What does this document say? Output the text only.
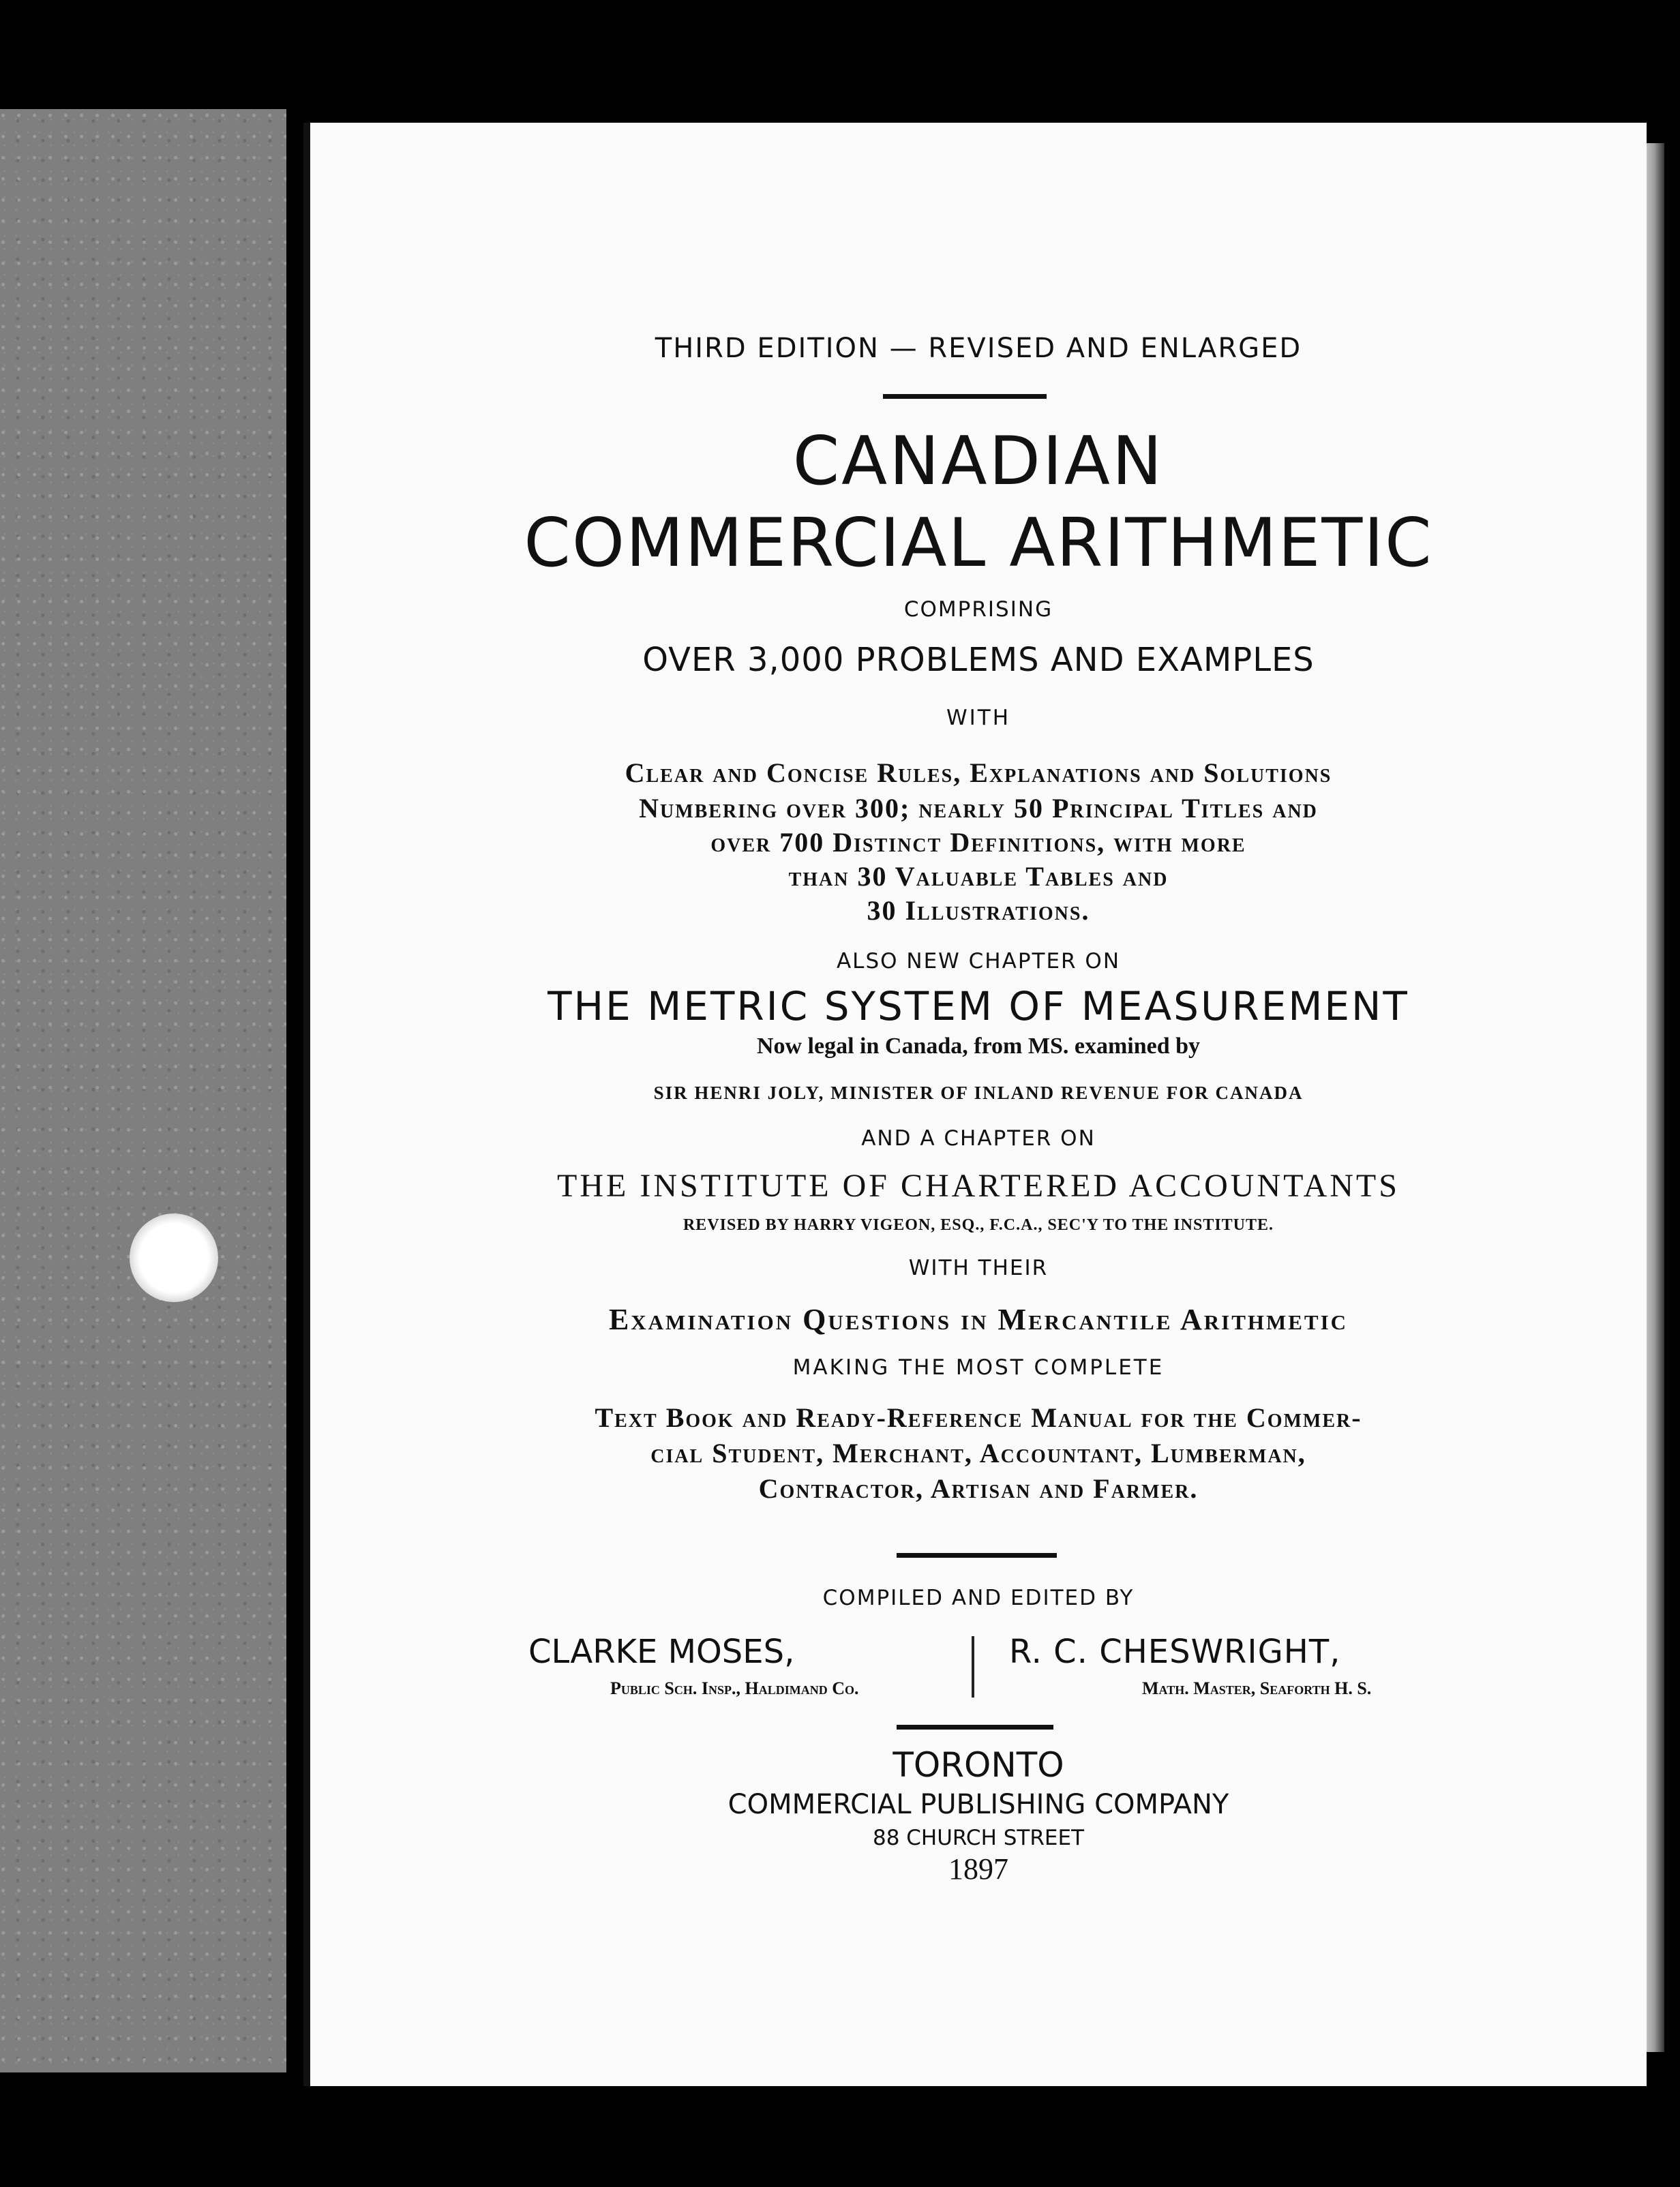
THIRD EDITION — REVISED AND ENLARGED
CANADIAN
COMMERCIAL ARITHMETIC
COMPRISING
OVER 3,000 PROBLEMS AND EXAMPLES
WITH
Clear and Concise Rules, Explanations and Solutions
Numbering over 300; nearly 50 Principal Titles and
over 700 Distinct Definitions, with more
than 30 Valuable Tables and
30 Illustrations.
ALSO NEW CHAPTER ON
THE METRIC SYSTEM OF MEASUREMENT
Now legal in Canada, from MS. examined by
SIR HENRI JOLY, MINISTER OF INLAND REVENUE FOR CANADA
AND A CHAPTER ON
THE INSTITUTE OF CHARTERED ACCOUNTANTS
REVISED BY HARRY VIGEON, ESQ., F.C.A., SEC'Y TO THE INSTITUTE.
WITH THEIR
Examination Questions in Mercantile Arithmetic
MAKING THE MOST COMPLETE
Text Book and Ready-Reference Manual for the Commer-
cial Student, Merchant, Accountant, Lumberman,
Contractor, Artisan and Farmer.
COMPILED AND EDITED BY
CLARKE MOSES,
Public Sch. Insp., Haldimand Co.
R. C. CHESWRIGHT,
Math. Master, Seaforth H. S.
TORONTO
COMMERCIAL PUBLISHING COMPANY
88 CHURCH STREET
1897
